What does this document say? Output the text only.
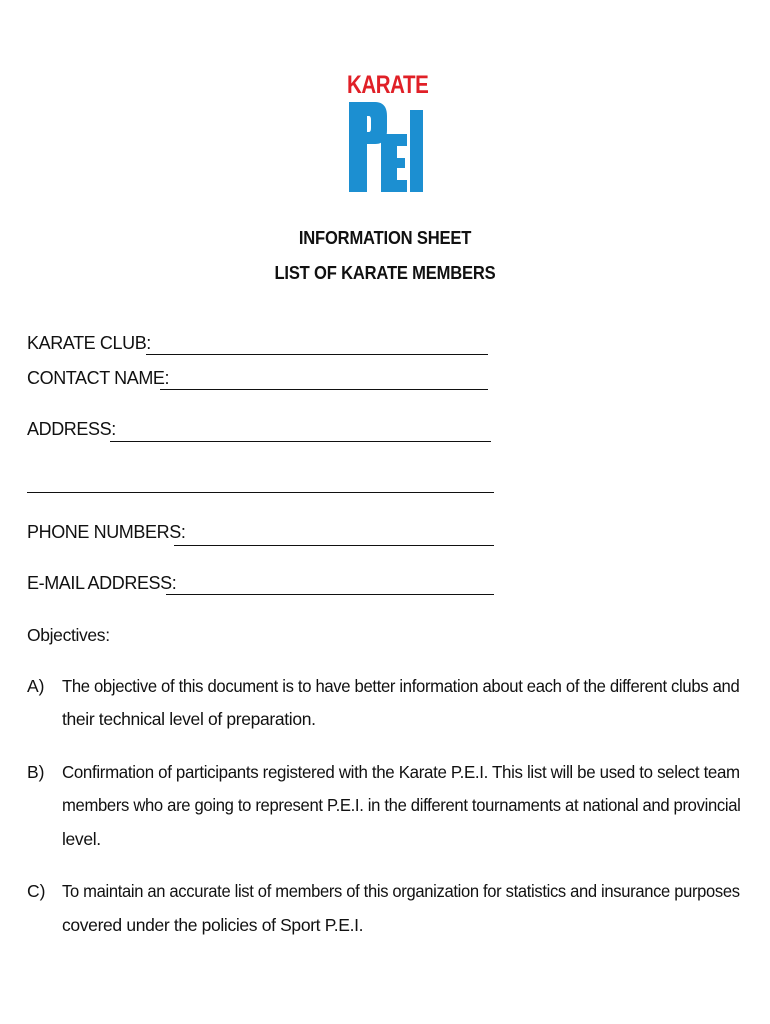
KARATE
INFORMATION SHEET
LIST OF KARATE MEMBERS
KARATE CLUB:
CONTACT NAME:
ADDRESS:
PHONE NUMBERS:
E-MAIL ADDRESS:
Objectives:
A) The objective of this document is to have better information about each of the different clubs and
their technical level of preparation.
B) Confirmation of participants registered with the Karate P.E.I. This list will be used to select team
members who are going to represent P.E.I. in the different tournaments at national and provincial
level.
C) To maintain an accurate list of members of this organization for statistics and insurance purposes
covered under the policies of Sport P.E.I.
